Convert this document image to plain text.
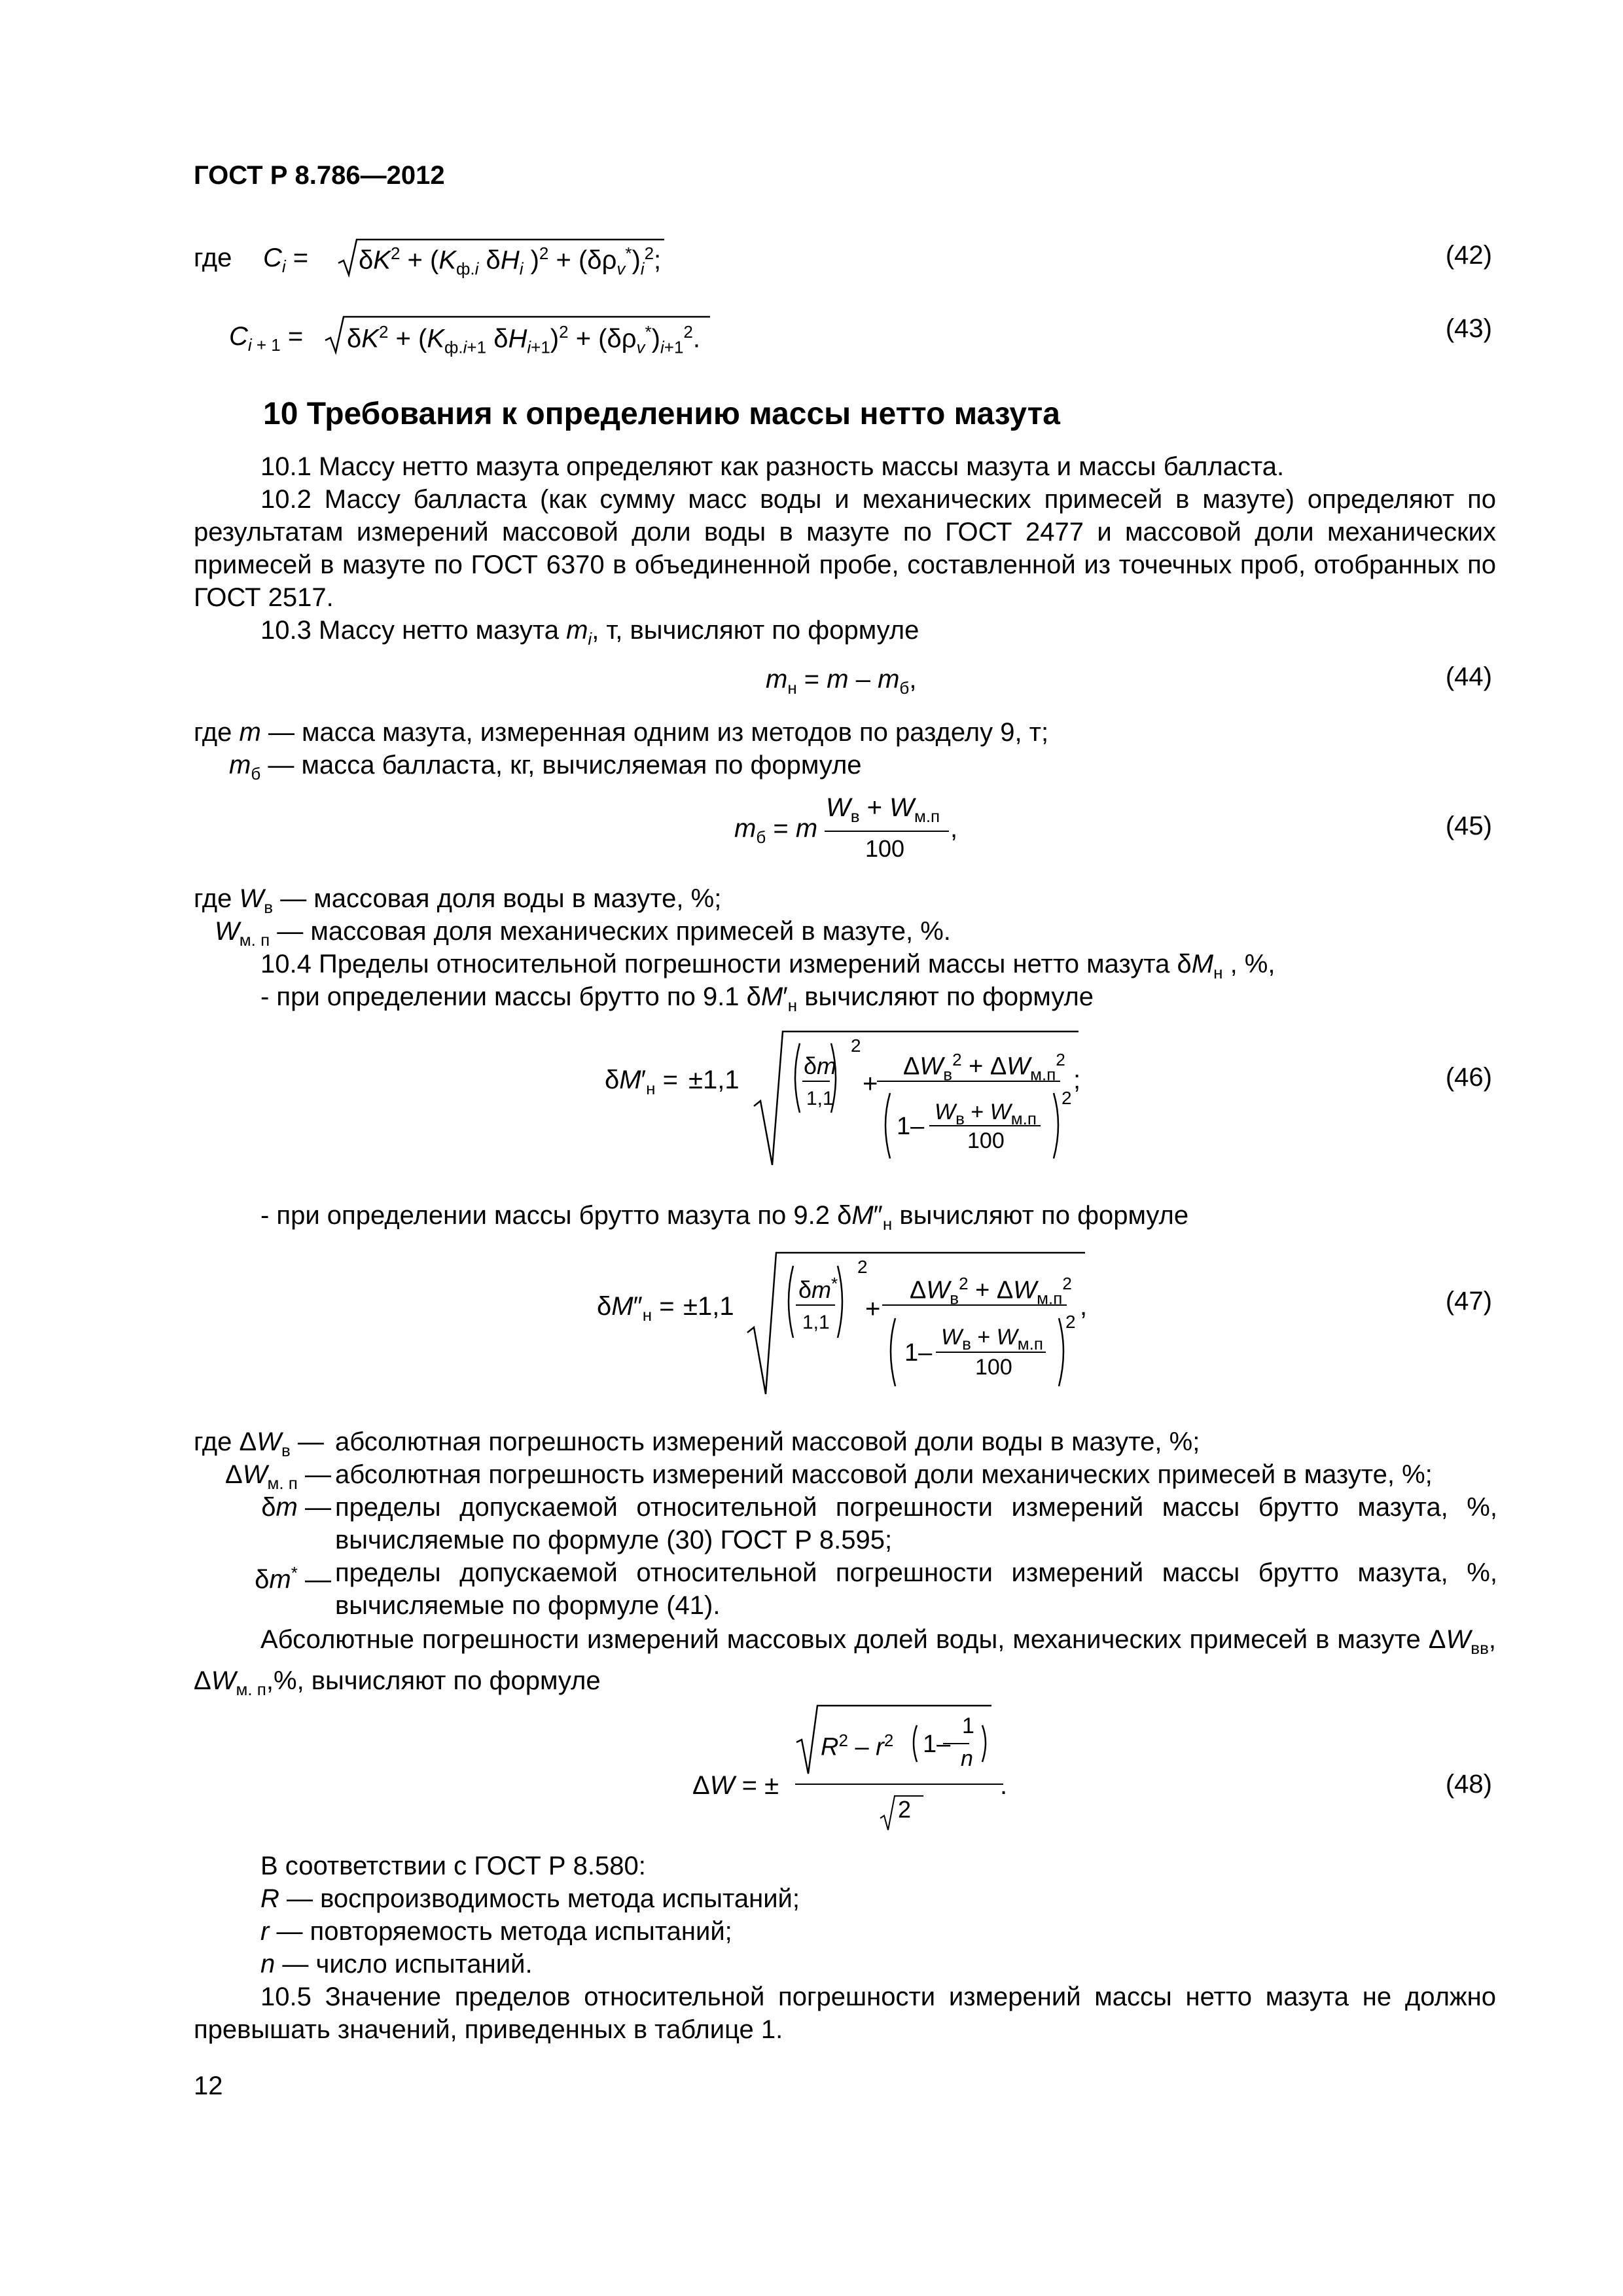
ГОСТ Р 8.786—2012
где $C_i = \delta K^2 + (K_{ф.i}$ $\delta H_i$ )$^2 + (\delta\rho_v^*)_i^2$;	(42)
$C_{i + 1} = \delta K^2 + (K_{ф.i+1}$ $\delta H_{i+1})^2 + (\delta\rho_v^*)_{i+1}^2$.	(43)
10 Требования к определению массы нетто мазута
10.1 Массу нетто мазута определяют как разность массы мазута и массы балласта.
10.2 Массу балласта (как сумму масс воды и механических примесей в мазуте) определяют по результатам измерений массовой доли воды в мазуте по ГОСТ 2477 и массовой доли механических примесей в мазуте по ГОСТ 6370 в объединенной пробе, составленной из точечных проб, отобранных по ГОСТ 2517.
10.3 Массу нетто мазута $m_i$, т, вычисляют по формуле
$m_н = m - m_б$,	(44)
где m — масса мазута, измеренная одним из методов по разделу 9, т;
$m_б$ — масса балласта, кг, вычисляемая по формуле
$m_б = m$
$W_в + W_{м.п}$
100
,	(45)
где $W_в$ — массовая доля воды в мазуте, %;
$W_{м. п}$ — массовая доля механических примесей в мазуте, %.
10.4 Пределы относительной погрешности измерений массы нетто мазута $\delta M_н$ , %,
- при определении массы брутто по 9.1 $\delta M'_н$ вычисляют по формуле
$\delta M'_н = \pm 1,1$	δm
2
1,1
+
$\Delta W_в^2 + \Delta W_{м.п}^2$
1–
$W_в + W_{м.п}$
100
2
;	(46)
- при определении массы брутто мазута по 9.2 $\delta M''_н$ вычисляют по формуле
$\delta M''_н = \pm 1,1$
δm*
2
1,1 +
$\Delta W_в^2 + \Delta W_{м.п}^2$
1–
$W_в + W_{м.п}$
100
2
,	(47)
где $\Delta W_в$ — абсолютная погрешность измерений массовой доли воды в мазуте, %;
$\Delta W_{м. п}$ — абсолютная погрешность измерений массовой доли механических примесей в мазуте, %;
δm — пределы допускаемой относительной погрешности измерений массы брутто мазута, %, вычисляемые по формуле (30) ГОСТ Р 8.595;
δm* — пределы допускаемой относительной погрешности измерений массы брутто мазута, %, вычисляемые по формуле (41).
Абсолютные погрешности измерений массовых долей воды, механических примесей в мазуте $\Delta W_{вв}$, $\Delta W_{м. п},\%$, вычисляют по формуле
ΔW = ±
$R^2 - r^2$ 1–
1
n
2
.	(48)
В соответствии с ГОСТ Р 8.580:
R — воспроизводимость метода испытаний;
r — повторяемость метода испытаний;
n — число испытаний.
10.5 Значение пределов относительной погрешности измерений массы нетто мазута не должно превышать значений, приведенных в таблице 1.
12
